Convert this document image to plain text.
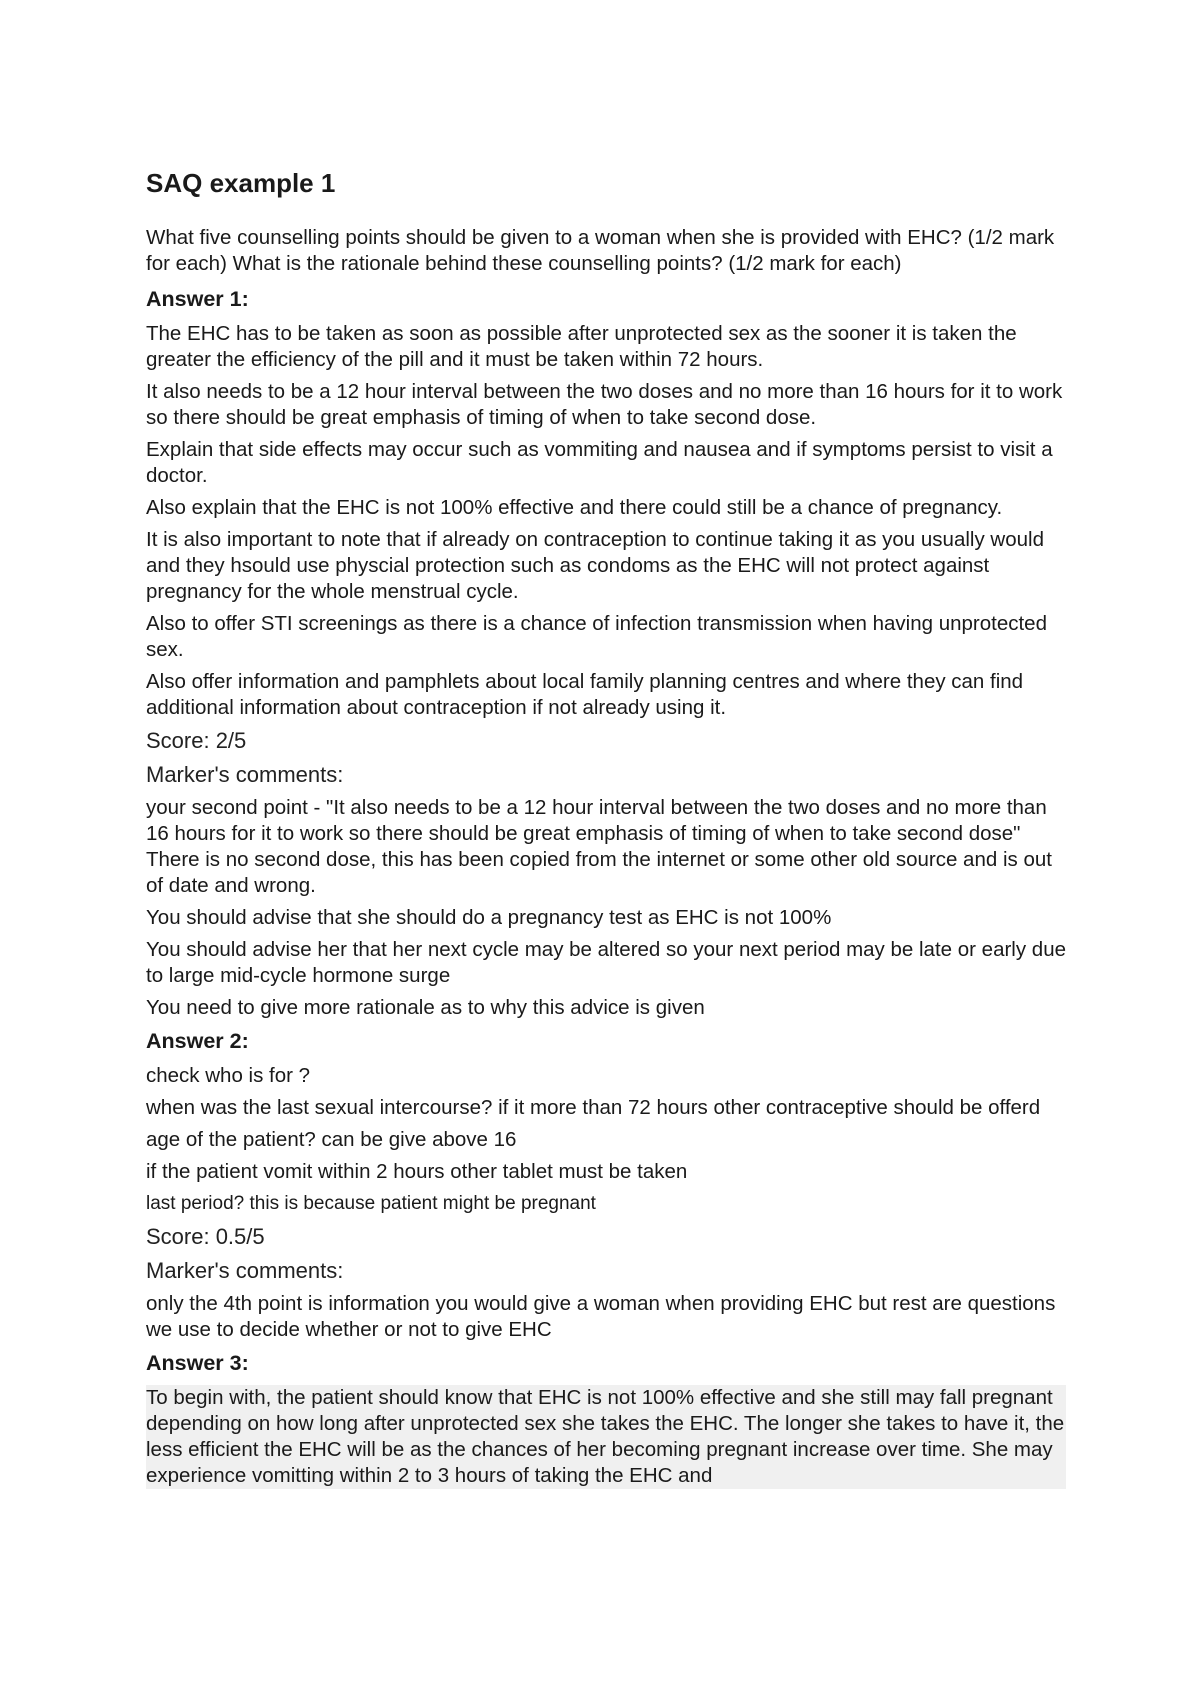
SAQ example 1

What five counselling points should be given to a woman when she is provided with EHC? (1/2 mark for each) What is the rationale behind these counselling points? (1/2 mark for each)

Answer 1:

The EHC has to be taken as soon as possible after unprotected sex as the sooner it is taken the greater the efficiency of the pill and it must be taken within 72 hours.

It also needs to be a 12 hour interval between the two doses and no more than 16 hours for it to work so there should be great emphasis of timing of when to take second dose.

Explain that side effects may occur such as vommiting and nausea and if symptoms persist to visit a doctor.

Also explain that the EHC is not 100% effective and there could still be a chance of pregnancy.

It is also important to note that if already on contraception to continue taking it as you usually would and they hsould use physcial protection such as condoms as the EHC will not protect against pregnancy for the whole menstrual cycle.

Also to offer STI screenings as there is a chance of infection transmission when having unprotected sex.

Also offer information and pamphlets about local family planning centres and where they can find additional information about contraception if not already using it.

Score: 2/5
Marker's comments:

your second point - "It also needs to be a 12 hour interval between the two doses and no more than 16 hours for it to work so there should be great emphasis of timing of when to take second dose" There is no second dose, this has been copied from the internet or some other old source and is out of date and wrong.

You should advise that she should do a pregnancy test as EHC is not 100%

You should advise her that her next cycle may be altered so your next period may be late or early due to large mid-cycle hormone surge

You need to give more rationale as to why this advice is given

Answer 2:

check who is for ?

when was the last sexual intercourse? if it more than 72 hours other contraceptive should be offerd

age of the patient? can be give above 16

if the patient vomit within 2 hours other tablet must be taken

last period? this is because patient might be pregnant

Score: 0.5/5
Marker's comments:

only the 4th point is information you would give a woman when providing EHC but rest are questions we use to decide whether or not to give EHC

Answer 3:

To begin with, the patient should know that EHC is not 100% effective and she still may fall pregnant depending on how long after unprotected sex she takes the EHC. The longer she takes to have it, the less efficient the EHC will be as the chances of her becoming pregnant increase over time. She may experience vomitting within 2 to 3 hours of taking the EHC and
